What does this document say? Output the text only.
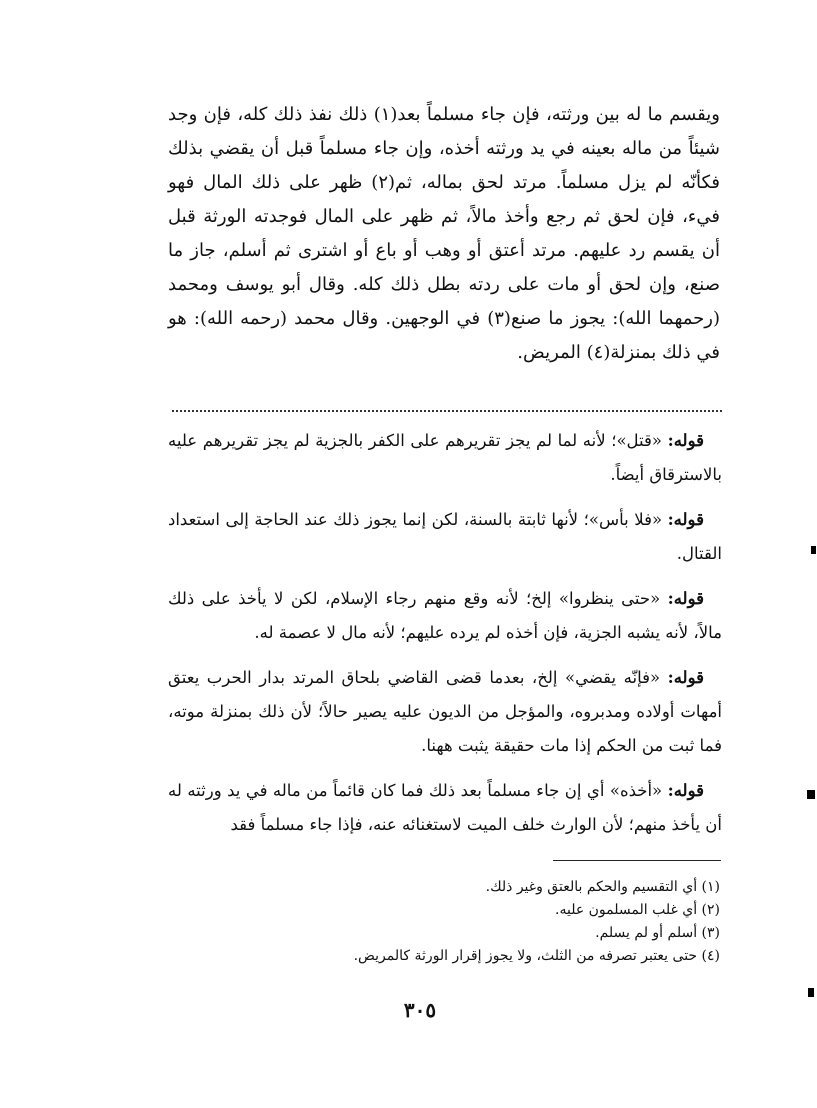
ويقسم ما له بين ورثته، فإن جاء مسلماً بعد(١) ذلك نفذ ذلك كله، فإن وجد شيئاً من ماله بعينه في يد ورثته أخذه، وإن جاء مسلماً قبل أن يقضي بذلك فكأنّه لم يزل مسلماً. مرتد لحق بماله، ثم(٢) ظهر على ذلك المال فهو فيء، فإن لحق ثم رجع وأخذ مالاً، ثم ظهر على المال فوجدته الورثة قبل أن يقسم رد عليهم. مرتد أعتق أو وهب أو باع أو اشترى ثم أسلم، جاز ما صنع، وإن لحق أو مات على ردته بطل ذلك كله. وقال أبو يوسف ومحمد (رحمهما الله): يجوز ما صنع(٣) في الوجهين. وقال محمد (رحمه الله): هو في ذلك بمنزلة(٤) المريض.

قوله: «قتل»؛ لأنه لما لم يجز تقريرهم على الكفر بالجزية لم يجز تقريرهم عليه بالاسترقاق أيضاً.

قوله: «فلا بأس»؛ لأنها ثابتة بالسنة، لكن إنما يجوز ذلك عند الحاجة إلى استعداد القتال.

قوله: «حتى ينظروا» إلخ؛ لأنه وقع منهم رجاء الإسلام، لكن لا يأخذ على ذلك مالاً، لأنه يشبه الجزية، فإن أخذه لم يرده عليهم؛ لأنه مال لا عصمة له.

قوله: «فإنّه يقضي» إلخ، بعدما قضى القاضي بلحاق المرتد بدار الحرب يعتق أمهات أولاده ومدبروه، والمؤجل من الديون عليه يصير حالاً؛ لأن ذلك بمنزلة موته، فما ثبت من الحكم إذا مات حقيقة يثبت ههنا.

قوله: «أخذه» أي إن جاء مسلماً بعد ذلك فما كان قائماً من ماله في يد ورثته له أن يأخذ منهم؛ لأن الوارث خلف الميت لاستغنائه عنه، فإذا جاء مسلماً فقد

(١) أي التقسيم والحكم بالعتق وغير ذلك.

(٢) أي غلب المسلمون عليه.

(٣) أسلم أو لم يسلم.

(٤) حتى يعتبر تصرفه من الثلث، ولا يجوز إقرار الورثة كالمريض.

٣٠٥
